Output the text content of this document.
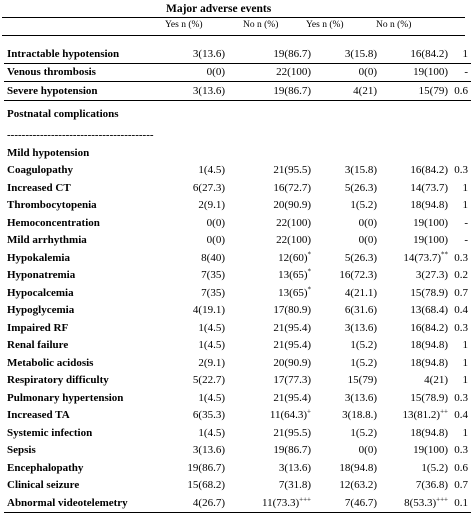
Major adverse events
Yes n (%)	No n (%)	Yes n (%)	No n (%)
Intractable hypotension	3(13.6)	19(86.7)	3(15.8)	16(84.2)	1
Venous thrombosis	0(0)	22(100)	0(0)	19(100)	-
Severe hypotension	3(13.6)	19(86.7)	4(21)	15(79)	0.6
Postnatal complications					
----------------------------------------					
Mild hypotension					
Coagulopathy	1(4.5)	21(95.5)	3(15.8)	16(84.2)	0.3
Increased CT	6(27.3)	16(72.7)	5(26.3)	14(73.7)	1
Thrombocytopenia	2(9.1)	20(90.9)	1(5.2)	18(94.8)	1
Hemoconcentration	0(0)	22(100)	0(0)	19(100)	-
Mild arrhythmia	0(0)	22(100)	0(0)	19(100)	-
Hypokalemia	8(40)	12(60)*	5(26.3)	14(73.7)**	0.3
Hyponatremia	7(35)	13(65)*	16(72.3)	3(27.3)	0.2
Hypocalcemia	7(35)	13(65)*	4(21.1)	15(78.9)	0.7
Hypoglycemia	4(19.1)	17(80.9)	6(31.6)	13(68.4)	0.4
Impaired RF	1(4.5)	21(95.4)	3(13.6)	16(84.2)	0.3
Renal failure	1(4.5)	21(95.4)	1(5.2)	18(94.8)	1
Metabolic acidosis	2(9.1)	20(90.9)	1(5.2)	18(94.8)	1
Respiratory difficulty	5(22.7)	17(77.3)	15(79)	4(21)	1
Pulmonary hypertension	1(4.5)	21(95.4)	3(13.6)	15(78.9)	0.3
Increased TA	6(35.3)	11(64.3)+	3(18.8.)	13(81.2)++	0.4
Systemic infection	1(4.5)	21(95.5)	1(5.2)	18(94.8)	1
Sepsis	3(13.6)	19(86.7)	0(0)	19(100)	0.3
Encephalopathy	19(86.7)	3(13.6)	18(94.8)	1(5.2)	0.6
Clinical seizure	15(68.2)	7(31.8)	12(63.2)	7(36.8)	0.7
Abnormal videotelemetry	4(26.7)	11(73.3)+++	7(46.7)	8(53.3)+++	0.1
